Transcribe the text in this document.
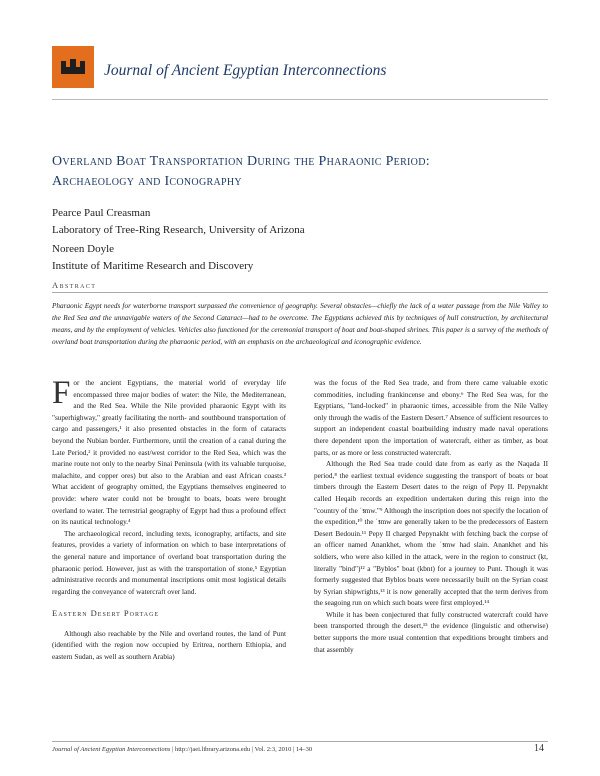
Journal of Ancient Egyptian Interconnections
Overland Boat Transportation During the Pharaonic Period:
Archaeology and Iconography
Pearce Paul Creasman
Laboratory of Tree-Ring Research, University of Arizona
Noreen Doyle
Institute of Maritime Research and Discovery
Abstract
Pharaonic Egypt needs for waterborne transport surpassed the convenience of geography. Several obstacles—chiefly the lack of a water passage from the Nile Valley to the Red Sea and the unnavigable waters of the Second Cataract—had to be overcome. The Egyptians achieved this by techniques of hull construction, by architectural means, and by the employment of vehicles. Vehicles also functioned for the ceremonial transport of boat and boat-shaped shrines. This paper is a survey of the methods of overland boat transportation during the pharaonic period, with an emphasis on the archaeological and iconographic evidence.

For the ancient Egyptians, the material world of everyday life encompassed three major bodies of water: the Nile, the Mediterranean, and the Red Sea. While the Nile provided pharaonic Egypt with its "superhighway," greatly facilitating the north- and southbound transportation of cargo and passengers,¹ it also presented obstacles in the form of cataracts beyond the Nubian border. Furthermore, until the creation of a canal during the Late Period,² it provided no east/west corridor to the Red Sea, which was the marine route not only to the nearby Sinai Peninsula (with its valuable turquoise, malachite, and copper ores) but also to the Arabian and east African coasts.³ What accident of geography omitted, the Egyptians themselves engineered to provide: where water could not be brought to boats, boats were brought overland to water. The terrestrial geography of Egypt had thus a profound effect on its nautical technology.⁴

The archaeological record, including texts, iconography, artifacts, and site features, provides a variety of information on which to base interpretations of the general nature and importance of overland boat transportation during the pharaonic period. However, just as with the transportation of stone,⁵ Egyptian administrative records and monumental inscriptions omit most logistical details regarding the conveyance of watercraft over land.

Eastern Desert Portage

Although also reachable by the Nile and overland routes, the land of Punt (identified with the region now occupied by Eritrea, northern Ethiopia, and eastern Sudan, as well as southern Arabia)

was the focus of the Red Sea trade, and from there came valuable exotic commodities, including frankincense and ebony.⁶ The Red Sea was, for the Egyptians, "land-locked" in pharaonic times, accessible from the Nile Valley only through the wadis of the Eastern Desert.⁷ Absence of sufficient resources to support an independent coastal boatbuilding industry made naval operations there dependent upon the importation of watercraft, either as timber, as boat parts, or as more or less constructed watercraft.

Although the Red Sea trade could date from as early as the Naqada II period,⁸ the earliest textual evidence suggesting the transport of boats or boat timbers through the Eastern Desert dates to the reign of Pepy II. Pepynakht called Heqaib records an expedition undertaken during this reign into the "country of the ʿꜣmw."⁹ Although the inscription does not specify the location of the expedition,¹⁰ the ʿꜣmw are generally taken to be the predecessors of Eastern Desert Bedouin.¹¹ Pepy II charged Pepynakht with fetching back the corpse of an officer named Anankhet, whom the ʿꜣmw had slain. Anankhet and his soldiers, who were also killed in the attack, were in the region to construct (ḳt, literally "bind")¹² a "Byblos" boat (kbnt) for a journey to Punt. Though it was formerly suggested that Byblos boats were necessarily built on the Syrian coast by Syrian shipwrights,¹³ it is now generally accepted that the term derives from the seagoing run on which such boats were first employed.¹⁴

While it has been conjectured that fully constructed watercraft could have been transported through the desert,¹⁵ the evidence (linguistic and otherwise) better supports the more usual contention that expeditions brought timbers and that assembly

Journal of Ancient Egyptian Interconnections | http://jaei.library.arizona.edu | Vol. 2:3, 2010 | 14–30	14
